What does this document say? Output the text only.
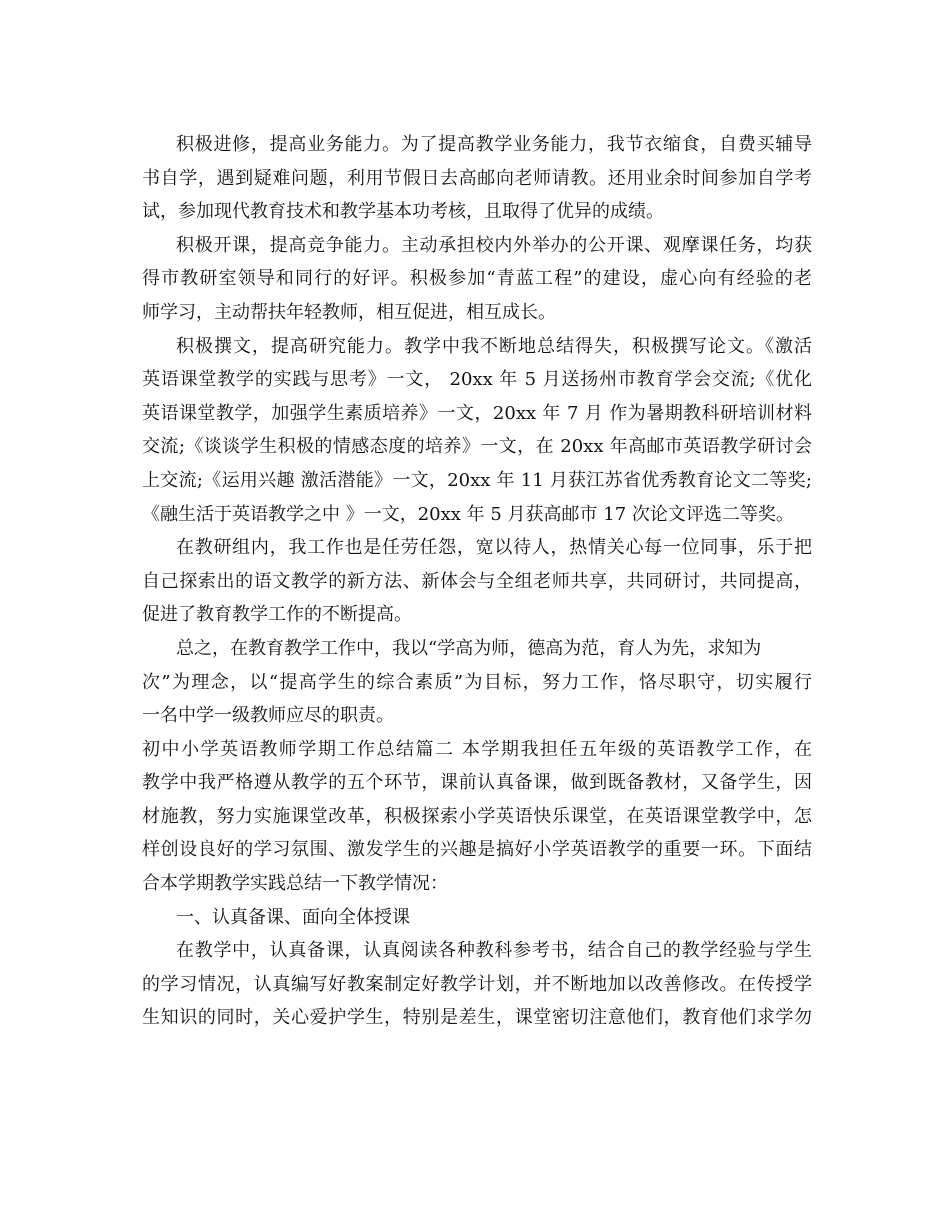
积极进修，提高业务能力。为了提高教学业务能力，我节衣缩食，自费买辅导
书自学，遇到疑难问题，利用节假日去高邮向老师请教。还用业余时间参加自学考
试，参加现代教育技术和教学基本功考核，且取得了优异的成绩。
积极开课，提高竞争能力。主动承担校内外举办的公开课、观摩课任务，均获
得市教研室领导和同行的好评。积极参加“青蓝工程”的建设，虚心向有经验的老
师学习，主动帮扶年轻教师，相互促进，相互成长。
积极撰文，提高研究能力。教学中我不断地总结得失，积极撰写论文。《激活
英语课堂教学的实践与思考》一文， 20xx 年 5 月送扬州市教育学会交流;《优化
英语课堂教学，加强学生素质培养》一文，20xx 年 7 月 作为暑期教科研培训材料
交流;《谈谈学生积极的情感态度的培养》一文，在 20xx 年高邮市英语教学研讨会
上交流;《运用兴趣 激活潜能》一文，20xx 年 11 月获江苏省优秀教育论文二等奖;
《融生活于英语教学之中 》一文，20xx 年 5 月获高邮市 17 次论文评选二等奖。
在教研组内，我工作也是任劳任怨，宽以待人，热情关心每一位同事，乐于把
自己探索出的语文教学的新方法、新体会与全组老师共享，共同研讨，共同提高，
促进了教育教学工作的不断提高。
总之，在教育教学工作中，我以“学高为师，德高为范，育人为先，求知为
次”为理念，以“提高学生的综合素质”为目标，努力工作，恪尽职守，切实履行
一名中学一级教师应尽的职责。
初中小学英语教师学期工作总结篇二 本学期我担任五年级的英语教学工作，在
教学中我严格遵从教学的五个环节，课前认真备课，做到既备教材，又备学生，因
材施教，努力实施课堂改革，积极探索小学英语快乐课堂，在英语课堂教学中，怎
样创设良好的学习氛围、激发学生的兴趣是搞好小学英语教学的重要一环。下面结
合本学期教学实践总结一下教学情况：
一、认真备课、面向全体授课
在教学中，认真备课，认真阅读各种教科参考书，结合自己的教学经验与学生
的学习情况，认真编写好教案制定好教学计划，并不断地加以改善修改。在传授学
生知识的同时，关心爱护学生，特别是差生，课堂密切注意他们，教育他们求学勿
